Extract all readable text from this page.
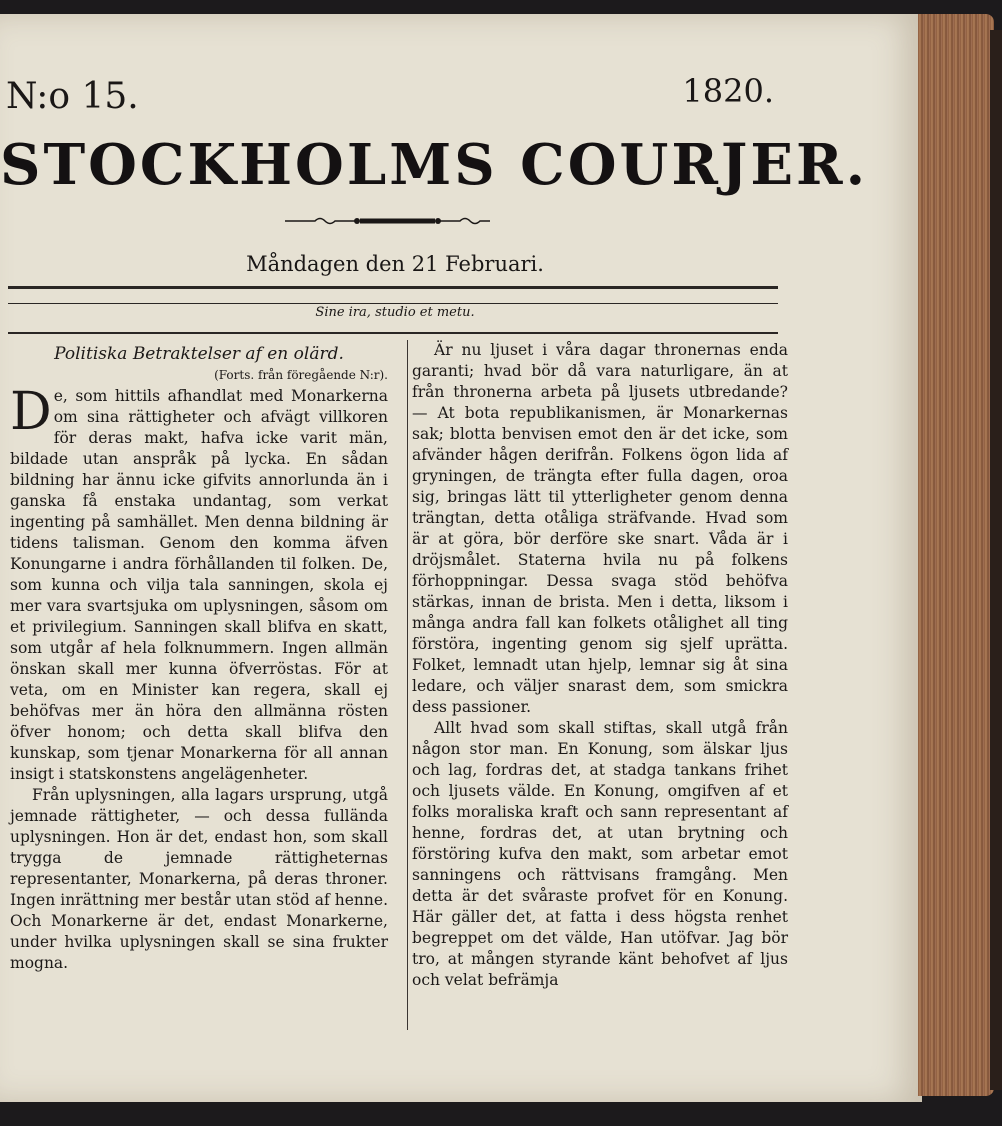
N:o 15.	1820.
STOCKHOLMS COURJER.
Måndagen den 21 Februari.
Sine ira, studio et metu.

Politiska Betraktelser af en olärd.

(Forts. från föregående N:r).

De, som hittils afhandlat med Monarkerna om sina rättigheter och afvägt villkoren för deras makt, hafva icke varit män, bildade utan anspråk på lycka. En sådan bildning har ännu icke gifvits annorlunda än i ganska få enstaka undantag, som verkat ingenting på samhället. Men denna bildning är tidens talisman. Genom den komma äfven Konungarne i andra förhållanden til folken. De, som kunna och vilja tala sanningen, skola ej mer vara svartsjuka om uplysningen, såsom om et privilegium. Sanningen skall blifva en skatt, som utgår af hela folknummern. Ingen allmän önskan skall mer kunna öfverröstas. För at veta, om en Minister kan regera, skall ej behöfvas mer än höra den allmänna rösten öfver honom; och detta skall blifva den kunskap, som tjenar Monarkerna för all annan insigt i statskonstens angelägenheter.

Från uplysningen, alla lagars ursprung, utgå jemnade rättigheter, — och dessa fullända uplysningen. Hon är det, endast hon, som skall trygga de jemnade rättigheternas representanter, Monarkerna, på deras throner. Ingen inrättning mer består utan stöd af henne. Och Monarkerne är det, endast Monarkerne, under hvilka uplysningen skall se sina frukter mogna.

Är nu ljuset i våra dagar thronernas enda garanti; hvad bör då vara naturligare, än at från thronerna arbeta på ljusets utbredande? — At bota republikanismen, är Monarkernas sak; blotta benvisen emot den är det icke, som afvänder hågen derifrån. Folkens ögon lida af gryningen, de trängta efter fulla dagen, oroa sig, bringas lätt til ytterligheter genom denna trängtan, detta otåliga sträfvande. Hvad som är at göra, bör derföre ske snart. Våda är i dröjsmålet. Staterna hvila nu på folkens förhoppningar. Dessa svaga stöd behöfva stärkas, innan de brista. Men i detta, liksom i många andra fall kan folkets otålighet all ting förstöra, ingenting genom sig sjelf uprätta. Folket, lemnadt utan hjelp, lemnar sig åt sina ledare, och väljer snarast dem, som smickra dess passioner.

Allt hvad som skall stiftas, skall utgå från någon stor man. En Konung, som älskar ljus och lag, fordras det, at stadga tankans frihet och ljusets välde. En Konung, omgifven af et folks moraliska kraft och sann representant af henne, fordras det, at utan brytning och förstöring kufva den makt, som arbetar emot sanningens och rättvisans framgång. Men detta är det svåraste profvet för en Konung. Här gäller det, at fatta i dess högsta renhet begreppet om det välde, Han utöfvar. Jag bör tro, at mången styrande känt behofvet af ljus och velat befrämja
